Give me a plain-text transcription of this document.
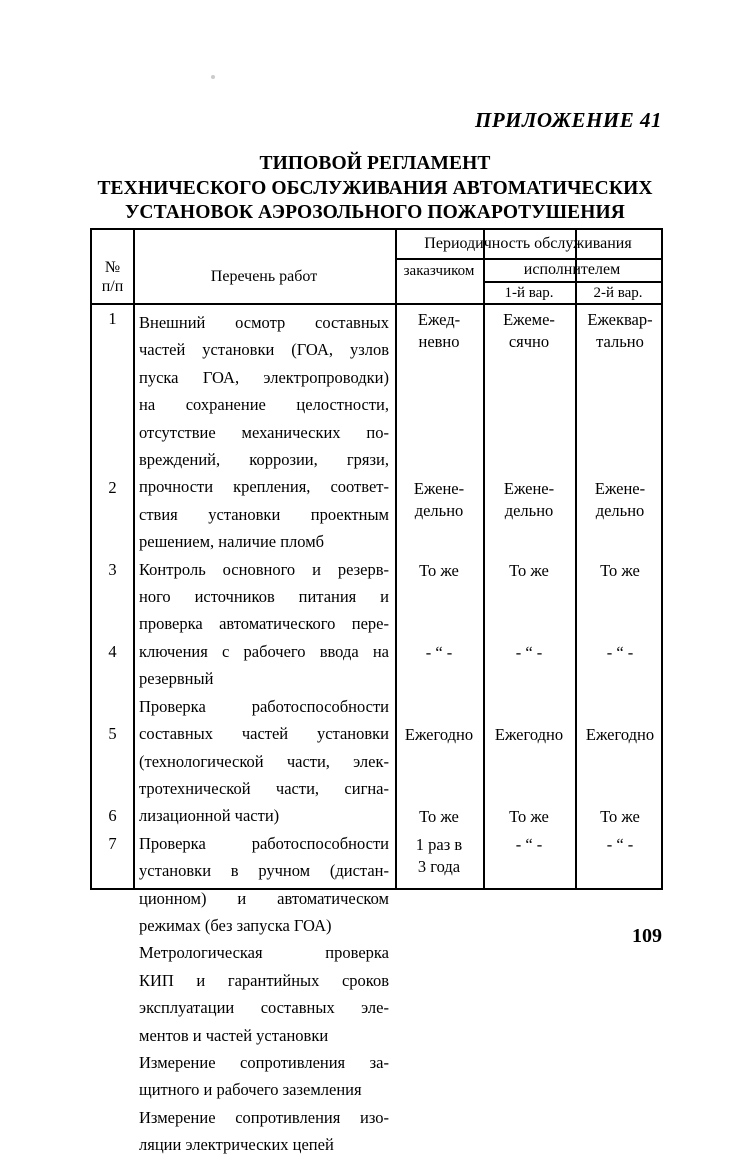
ПРИЛОЖЕНИЕ 41
ТИПОВОЙ РЕГЛАМЕНТ
ТЕХНИЧЕСКОГО ОБСЛУЖИВАНИЯ АВТОМАТИЧЕСКИХ
УСТАНОВОК АЭРОЗОЛЬНОГО ПОЖАРОТУШЕНИЯ
№
п/п
Перечень работ
Периодичность обслуживания
заказчиком	исполнителем
1-й вар.	2-й вар.
1
2
3
4
5
6
7
Внешний осмотр составных
частей установки (ГОА, узлов
пуска ГОА, электропроводки)
на сохранение целостности,
отсутствие механических по-
вреждений, коррозии, грязи,
прочности крепления, соответ-
ствия установки проектным
решением, наличие пломб
Контроль основного и резерв-
ного источников питания и
проверка автоматического пере-
ключения с рабочего ввода на
резервный
Проверка работоспособности
составных частей установки
(технологической части, элек-
тротехнической части, сигна-
лизационной части)
Проверка работоспособности
установки в ручном (дистан-
ционном) и автоматическом
режимах (без запуска ГОА)
Метрологическая проверка
КИП и гарантийных сроков
эксплуатации составных эле-
ментов и частей установки
Измерение сопротивления за-
щитного и рабочего заземления
Измерение сопротивления изо-
ляции электрических цепей
Ежед-
невно
Ежене-
дельно
То же
- “ -
Ежегодно
То же
1 раз в
3 года
Ежеме-
сячно
Ежене-
дельно
То же
- “ -
Ежегодно
То же
- “ -
Ежеквар-
тально
Ежене-
дельно
То же
- “ -
Ежегодно
То же
- “ -
109
